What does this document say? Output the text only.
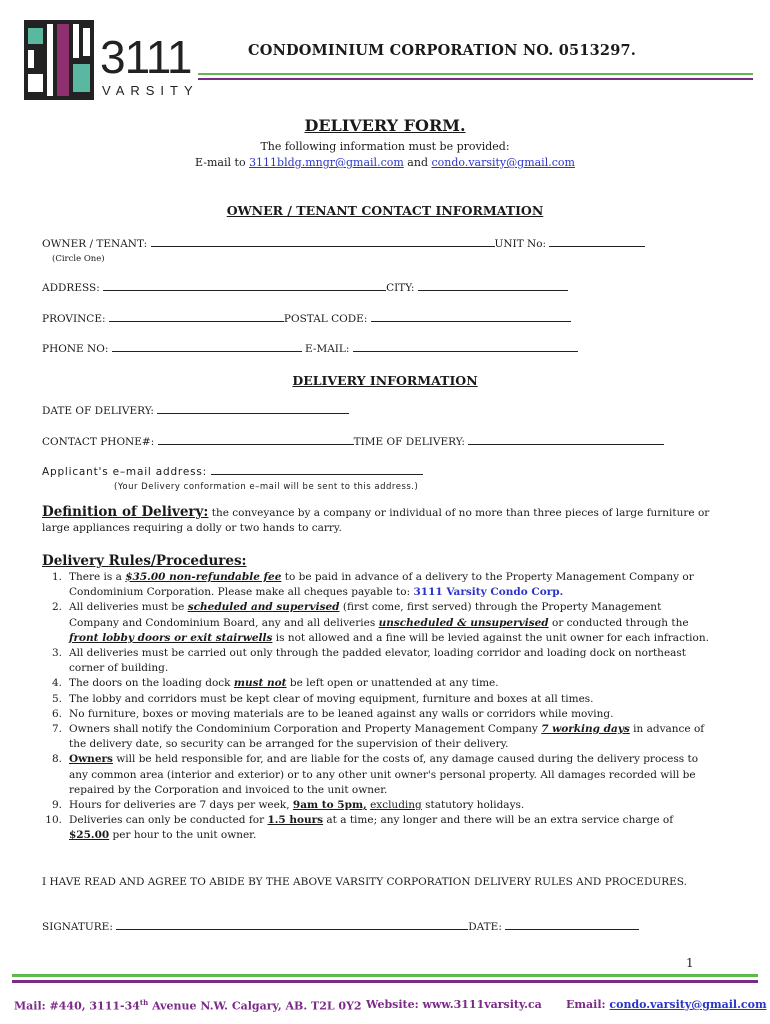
3111
VARSITY
CONDOMINIUM CORPORATION NO. 0513297.
DELIVERY FORM.
The following information must be provided:
E-mail to 3111bldg.mngr@gmail.com and condo.varsity@gmail.com
OWNER / TENANT CONTACT INFORMATION
OWNER / TENANT:	UNIT No:
(Circle One)
ADDRESS:	CITY:
PROVINCE:	POSTAL CODE:
PHONE NO:	E-MAIL:
DELIVERY INFORMATION
DATE OF DELIVERY:
CONTACT PHONE#:	TIME OF DELIVERY:
Applicant's e–mail address:
(Your Delivery conformation e–mail will be sent to this address.)
Definition of Delivery: the conveyance by a company or individual of no more than three pieces of large furniture or large appliances requiring a dolly or two hands to carry.
Delivery Rules/Procedures:
1. There is a $35.00 non-refundable fee to be paid in advance of a delivery to the Property Management Company or Condominium Corporation. Please make all cheques payable to: 3111 Varsity Condo Corp.
2. All deliveries must be scheduled and supervised (first come, first served) through the Property Management Company and Condominium Board, any and all deliveries unscheduled & unsupervised or conducted through the front lobby doors or exit stairwells is not allowed and a fine will be levied against the unit owner for each infraction.
3. All deliveries must be carried out only through the padded elevator, loading corridor and loading dock on northeast corner of building.
4. The doors on the loading dock must not be left open or unattended at any time.
5. The lobby and corridors must be kept clear of moving equipment, furniture and boxes at all times.
6. No furniture, boxes or moving materials are to be leaned against any walls or corridors while moving.
7. Owners shall notify the Condominium Corporation and Property Management Company 7 working days in advance of the delivery date, so security can be arranged for the supervision of their delivery.
8. Owners will be held responsible for, and are liable for the costs of, any damage caused during the delivery process to any common area (interior and exterior) or to any other unit owner's personal property. All damages recorded will be repaired by the Corporation and invoiced to the unit owner.
9. Hours for deliveries are 7 days per week, 9am to 5pm, excluding statutory holidays.
10. Deliveries can only be conducted for 1.5 hours at a time; any longer and there will be an extra service charge of $25.00 per hour to the unit owner.
I HAVE READ AND AGREE TO ABIDE BY THE ABOVE VARSITY CORPORATION DELIVERY RULES AND PROCEDURES.
SIGNATURE:	DATE:
1
Mail: #440, 3111-34th Avenue N.W. Calgary, AB. T2L 0Y2 Website: www.3111varsity.ca Email: condo.varsity@gmail.com
